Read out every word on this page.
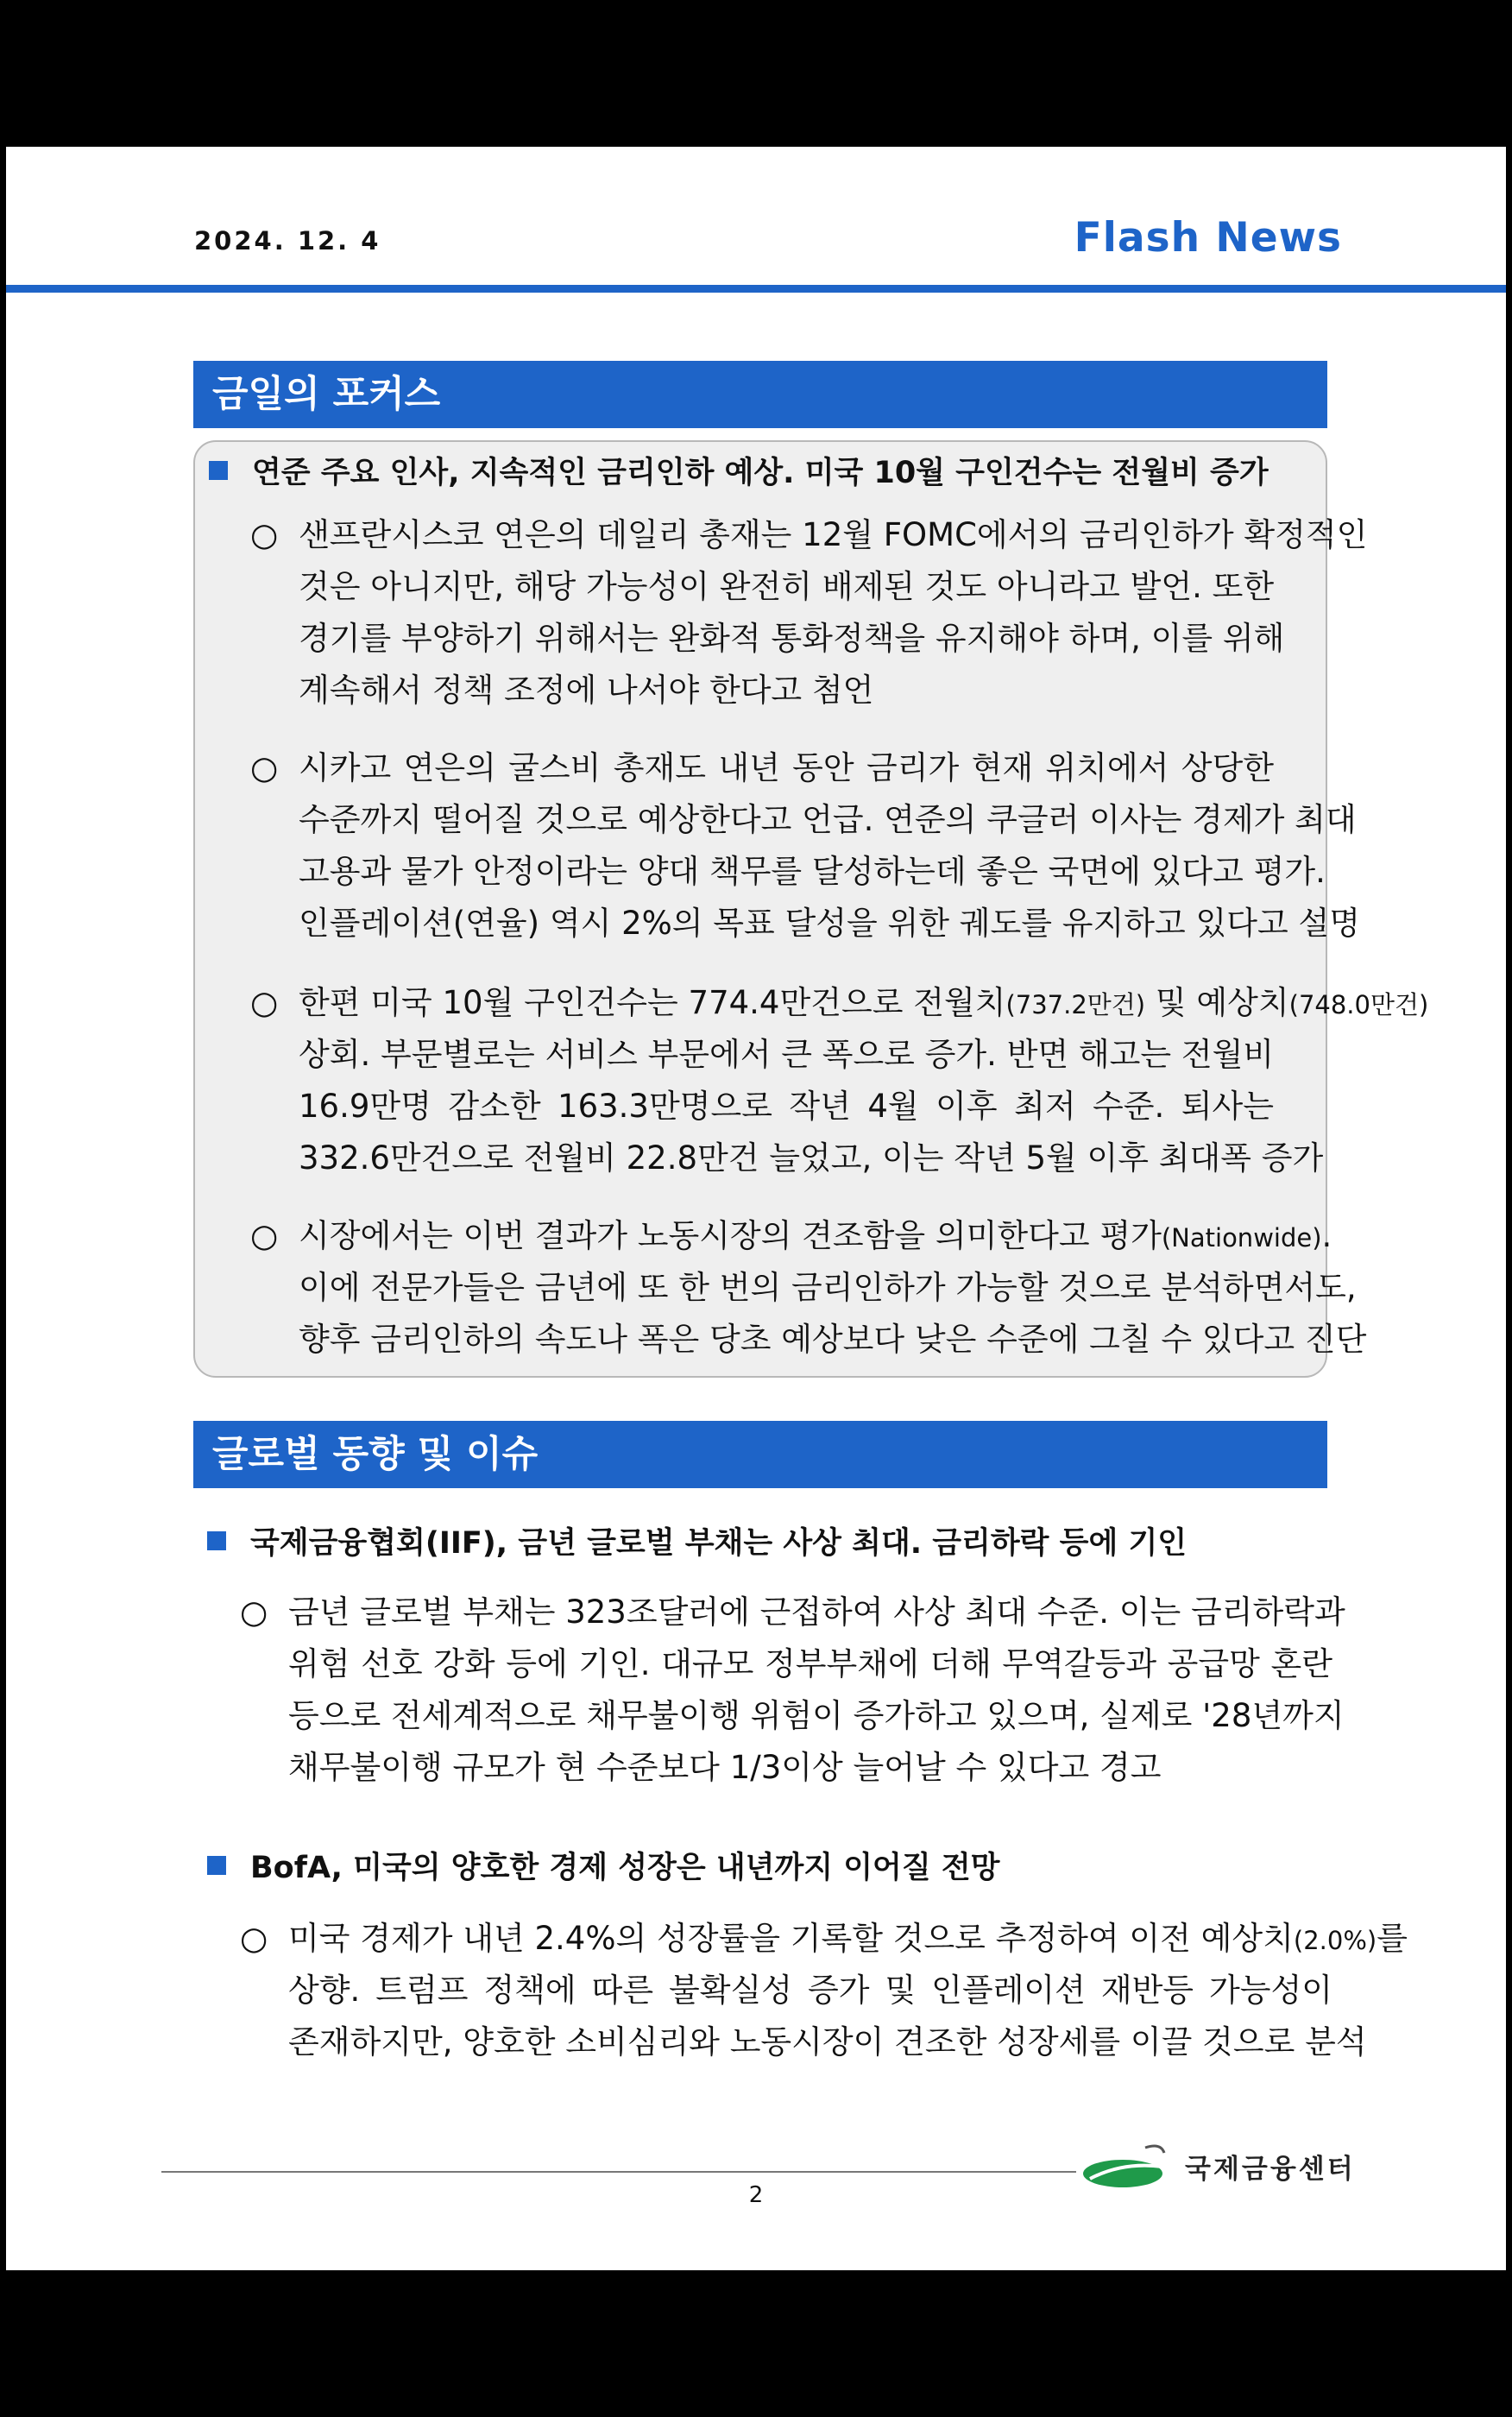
2024. 12. 4	Flash News
금일의 포커스
연준 주요 인사, 지속적인 금리인하 예상. 미국 10월 구인건수는 전월비 증가
○ 샌프란시스코 연은의 데일리 총재는 12월 FOMC에서의 금리인하가 확정적인
것은 아니지만, 해당 가능성이 완전히 배제된 것도 아니라고 발언. 또한
경기를 부양하기 위해서는 완화적 통화정책을 유지해야 하며, 이를 위해
계속해서 정책 조정에 나서야 한다고 첨언
○ 시카고 연은의 굴스비 총재도 내년 동안 금리가 현재 위치에서 상당한
수준까지 떨어질 것으로 예상한다고 언급. 연준의 쿠글러 이사는 경제가 최대
고용과 물가 안정이라는 양대 책무를 달성하는데 좋은 국면에 있다고 평가.
인플레이션(연율) 역시 2%의 목표 달성을 위한 궤도를 유지하고 있다고 설명
○ 한편 미국 10월 구인건수는 774.4만건으로 전월치(737.2만건) 및 예상치(748.0만건)
상회. 부문별로는 서비스 부문에서 큰 폭으로 증가. 반면 해고는 전월비
16.9만명 감소한 163.3만명으로 작년 4월 이후 최저 수준. 퇴사는
332.6만건으로 전월비 22.8만건 늘었고, 이는 작년 5월 이후 최대폭 증가
○ 시장에서는 이번 결과가 노동시장의 견조함을 의미한다고 평가(Nationwide).
이에 전문가들은 금년에 또 한 번의 금리인하가 가능할 것으로 분석하면서도,
향후 금리인하의 속도나 폭은 당초 예상보다 낮은 수준에 그칠 수 있다고 진단
글로벌 동향 및 이슈
국제금융협회(IIF), 금년 글로벌 부채는 사상 최대. 금리하락 등에 기인
○ 금년 글로벌 부채는 323조달러에 근접하여 사상 최대 수준. 이는 금리하락과
위험 선호 강화 등에 기인. 대규모 정부부채에 더해 무역갈등과 공급망 혼란
등으로 전세계적으로 채무불이행 위험이 증가하고 있으며, 실제로 '28년까지
채무불이행 규모가 현 수준보다 1/3이상 늘어날 수 있다고 경고
BofA, 미국의 양호한 경제 성장은 내년까지 이어질 전망
○ 미국 경제가 내년 2.4%의 성장률을 기록할 것으로 추정하여 이전 예상치(2.0%)를
상향. 트럼프 정책에 따른 불확실성 증가 및 인플레이션 재반등 가능성이
존재하지만, 양호한 소비심리와 노동시장이 견조한 성장세를 이끌 것으로 분석
2
국제금융센터
